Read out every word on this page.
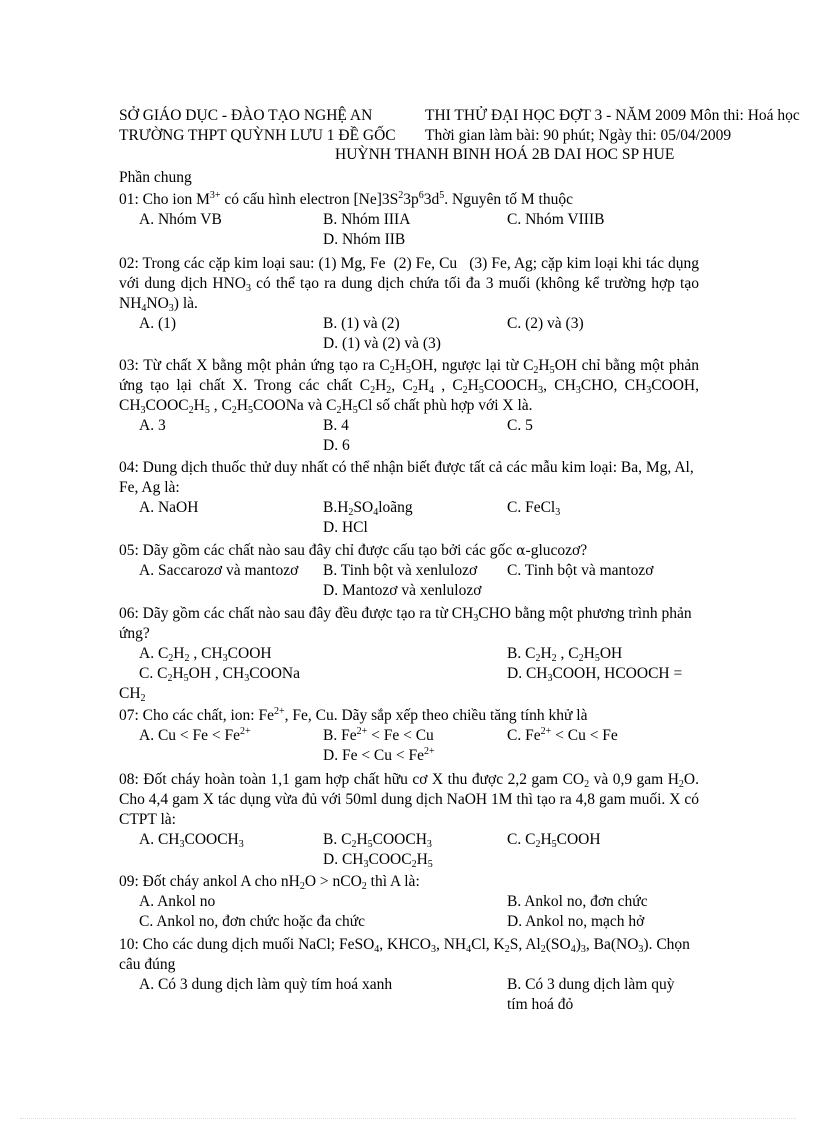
SỞ GIÁO DỤC - ĐÀO TẠO NGHỆ AN
TRƯỜNG THPT QUỲNH LƯU 1 ĐỀ GỐC
THI THỬ ĐẠI HỌC ĐỢT 3 - NĂM 2009 Môn thi: Hoá học
Thời gian làm bài: 90 phút; Ngày thi: 05/04/2009
HUỲNH THANH BINH HOÁ 2B DAI HOC SP HUE
Phần chung
01: Cho ion $M^{3+}$ có cấu hình electron $[Ne]3S^23p^63d^5$. Nguyên tố M thuộc
A. Nhóm VB	B. Nhóm IIIA	C. Nhóm VIIIB
D. Nhóm IIB
02: Trong các cặp kim loại sau: (1) Mg, Fe  (2) Fe, Cu   (3) Fe, Ag; cặp kim loại khi tác dụng với dung dịch $HNO_3$ có thể tạo ra dung dịch chứa tối đa 3 muối (không kể trường hợp tạo $NH_4NO_3$) là.
A. (1)	B. (1) và (2)	C. (2) và (3)
D. (1) và (2) và (3)
03: Từ chất X bằng một phản ứng tạo ra $C_2H_5OH$, ngược lại từ $C_2H_5OH$ chỉ bằng một phản ứng tạo lại chất X. Trong các chất $C_2H_2$, $C_2H_4$ , $C_2H_5COOCH_3$, $CH_3CHO$, $CH_3COOH$, $CH_3COOC_2H_5$ , $C_2H_5COONa$ và $C_2H_5Cl$ số chất phù hợp với X là.
A. 3	B. 4	C. 5
D. 6
04: Dung dịch thuốc thử duy nhất có thể nhận biết được tất cả các mẫu kim loại: Ba, Mg, Al, Fe, Ag là:
A. NaOH	$B.H_2SO_4loãng$	C. FeCl$_3$
D. HCl
05: Dãy gồm các chất nào sau đây chỉ được cấu tạo bởi các gốc α-glucozơ?
A. Saccarozơ và mantozơ B. Tinh bột và xenlulozơ C. Tinh bột và mantozơ
D. Mantozơ và xenlulozơ
06: Dãy gồm các chất nào sau đây đều được tạo ra từ $CH_3CHO$ bằng một phương trình phản ứng?
A. $C_2H_2$ , $CH_3COOH$	B. $C_2H_2$ , $C_2H_5OH$
C. $C_2H_5OH$ , $CH_3COONa$	D. $CH_3COOH$, HCOOCH =
$CH_2$
07: Cho các chất, ion: $Fe^{2+}$, Fe, Cu. Dãy sắp xếp theo chiều tăng tính khử là
A. $Cu < Fe < Fe^{2+}$	B. $Fe^{2+} < Fe < Cu$	C. $Fe^{2+} < Cu < Fe$
D. $Fe < Cu < Fe^{2+}$
08: Đốt cháy hoàn toàn 1,1 gam hợp chất hữu cơ X thu được 2,2 gam $CO_2$ và 0,9 gam $H_2O$. Cho 4,4 gam X tác dụng vừa đủ với 50ml dung dịch NaOH 1M thì tạo ra 4,8 gam muối. X có CTPT là:
A. $CH_3COOCH_3$	B. $C_2H_5COOCH_3$	C. $C_2H_5COOH$
D. $CH_3COOC_2H_5$
09: Đốt cháy ankol A cho $nH_2O > nCO_2$ thì A là:
A. Ankol no	B. Ankol no, đơn chức
C. Ankol no, đơn chức hoặc đa chức	D. Ankol no, mạch hở
10: Cho các dung dịch muối NaCl; FeSO$_4$, $KHCO_3$, $NH_4Cl$, $K_2S$, $Al_2(SO_4)_3$, $Ba(NO_3)$. Chọn câu đúng
A. Có 3 dung dịch làm quỳ tím hoá xanh	B. Có 3 dung dịch làm quỳ tím hoá đỏ
